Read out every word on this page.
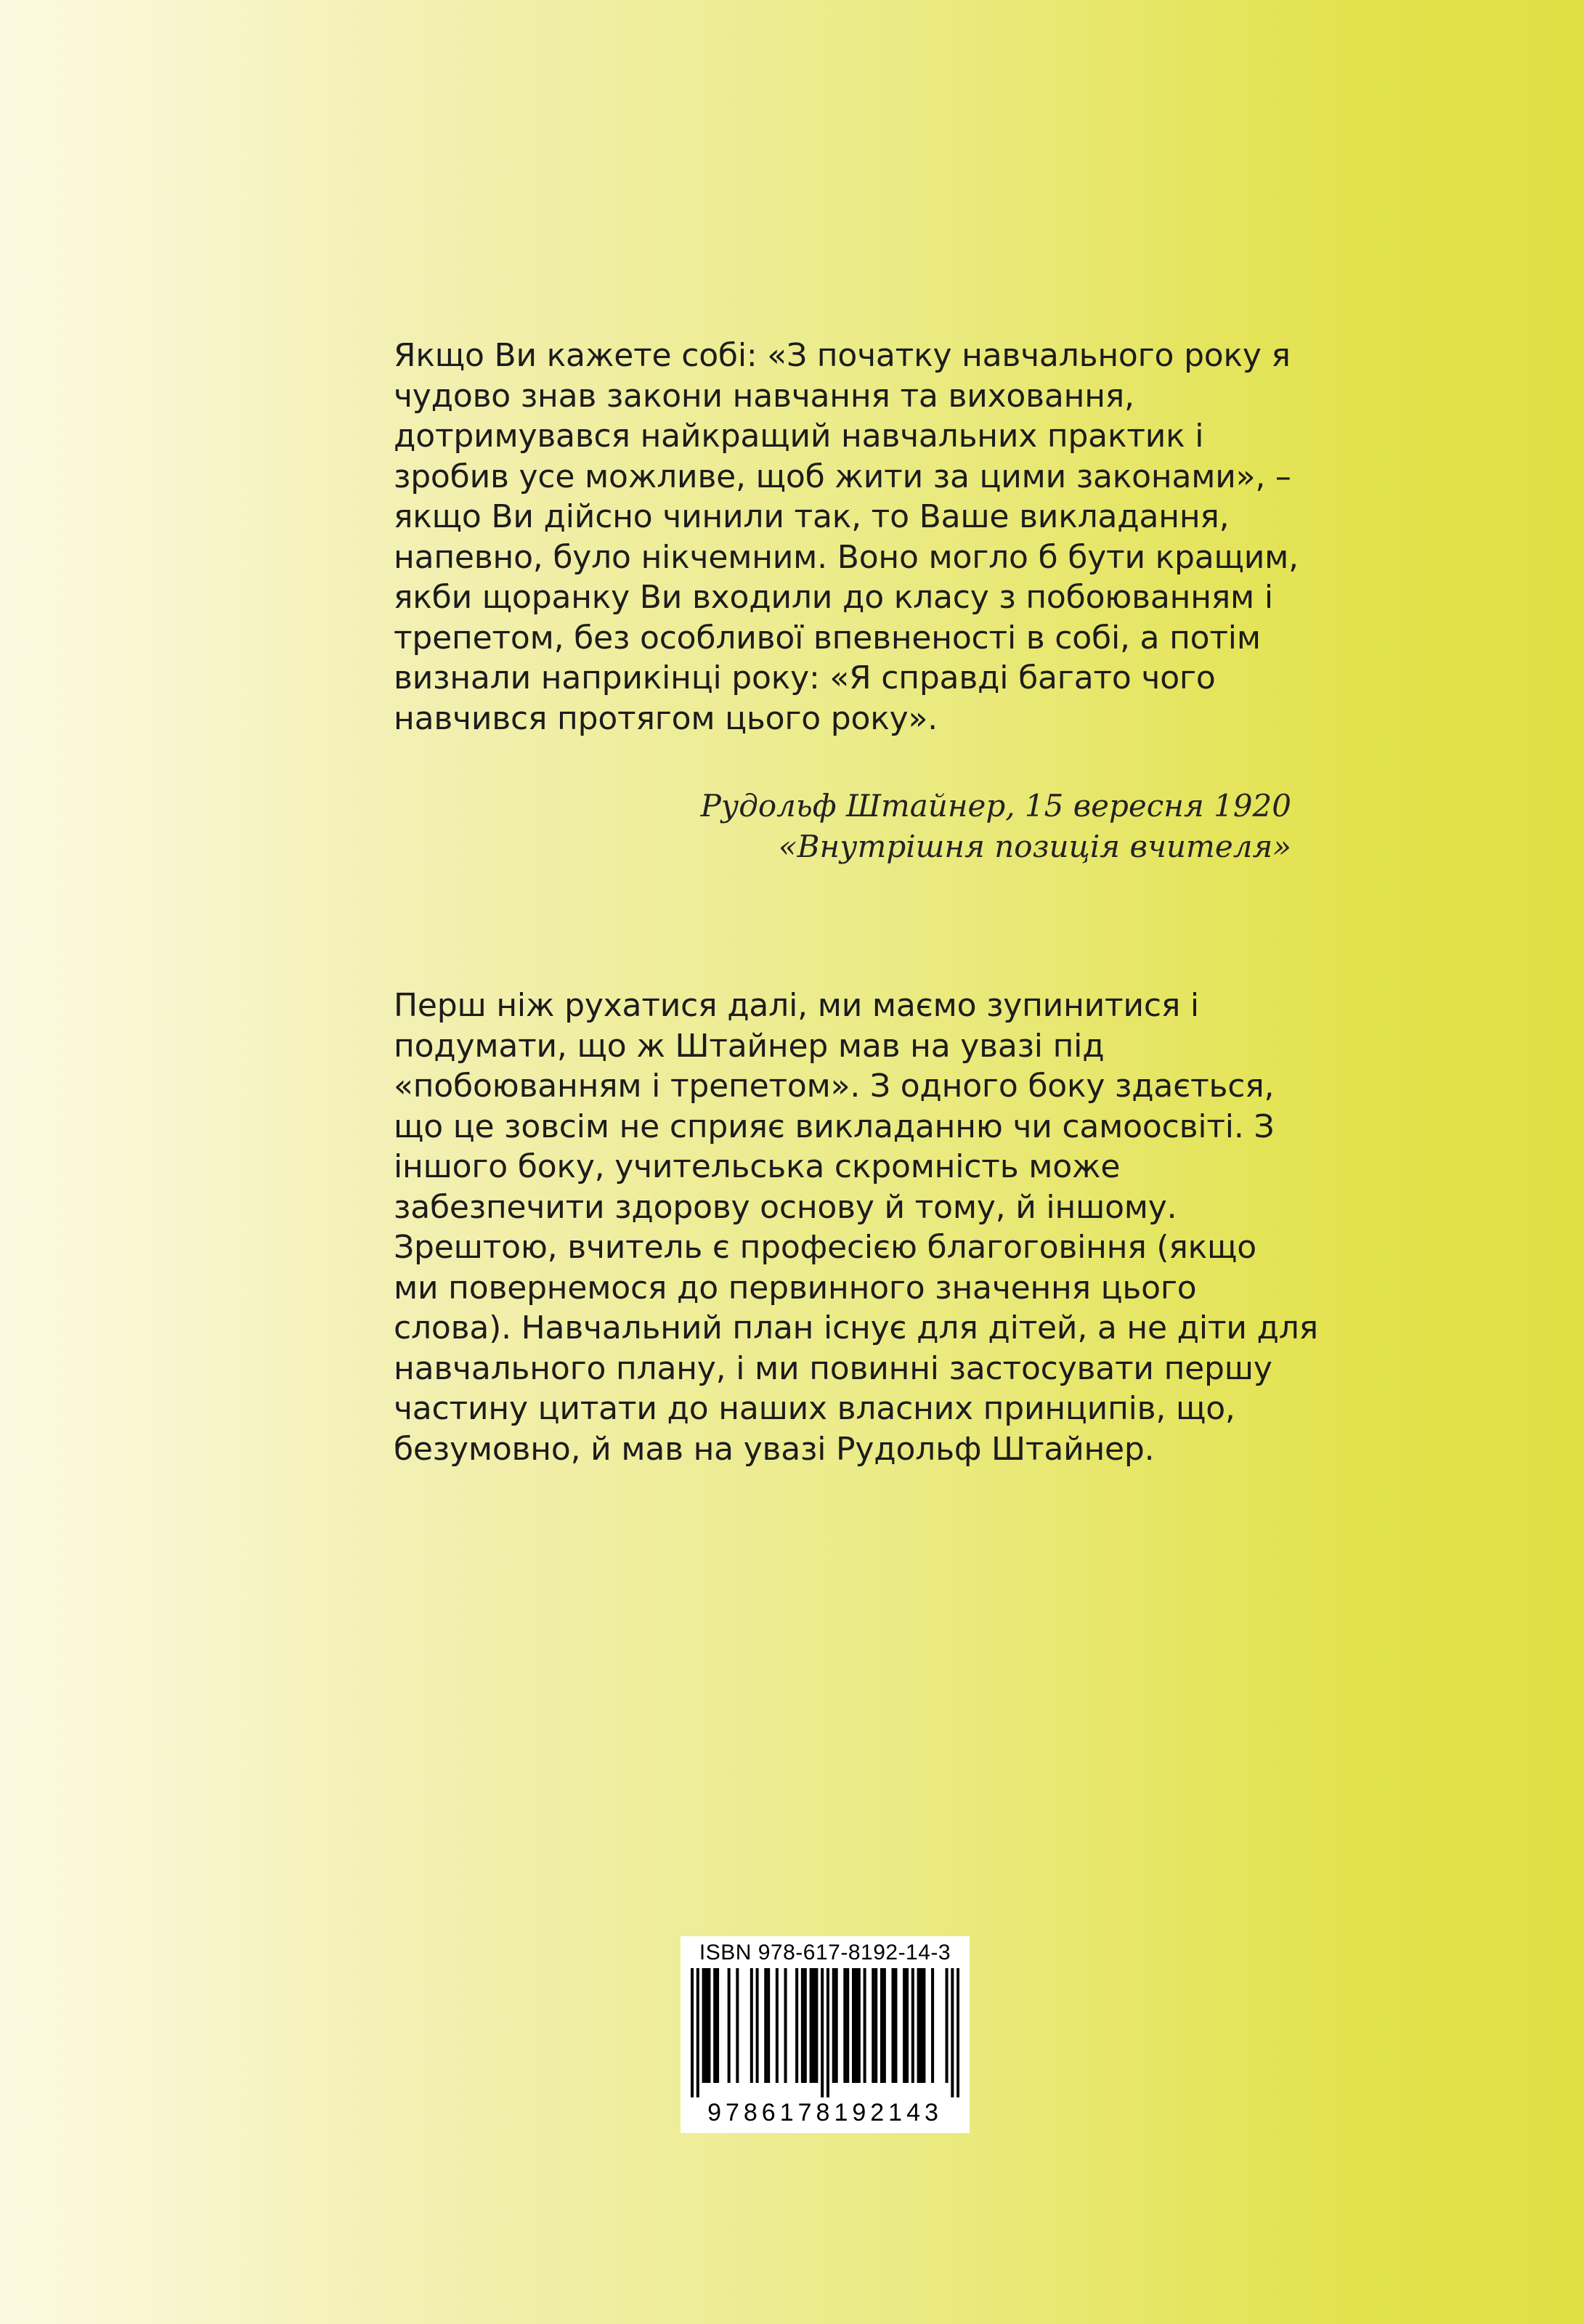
Якщо Ви кажете собі: «З початку навчального року я
чудово знав закони навчання та виховання,
дотримувався найкращий навчальних практик і
зробив усе можливе, щоб жити за цими законами», –
якщо Ви дійсно чинили так, то Ваше викладання,
напевно, було нікчемним. Воно могло б бути кращим,
якби щоранку Ви входили до класу з побоюванням і
трепетом, без особливої впевненості в собі, а потім
визнали наприкінці року: «Я справді багато чого
навчився протягом цього року».
Рудольф Штайнер, 15 вересня 1920
«Внутрішня позиція вчителя»
Перш ніж рухатися далі, ми маємо зупинитися і
подумати, що ж Штайнер мав на увазі під
«побоюванням і трепетом». З одного боку здається,
що це зовсім не сприяє викладанню чи самоосвіті. З
іншого боку, учительська скромність може
забезпечити здорову основу й тому, й іншому.
Зрештою, вчитель є професією благоговіння (якщо
ми повернемося до первинного значення цього
слова). Навчальний план існує для дітей, а не діти для
навчального плану, і ми повинні застосувати першу
частину цитати до наших власних принципів, що,
безумовно, й мав на увазі Рудольф Штайнер.
ISBN 978-617-8192-14-3
9786178192143
